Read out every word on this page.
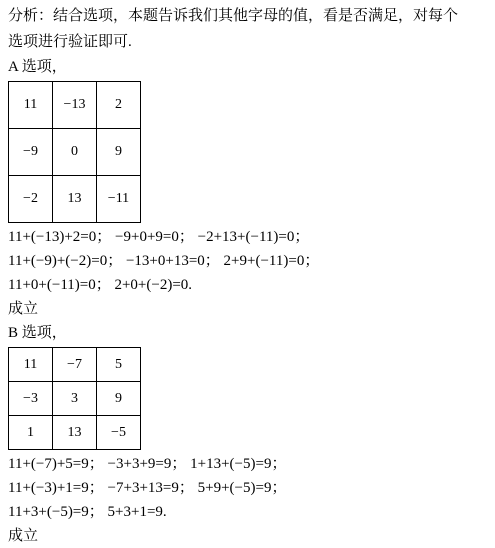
分析：结合选项，本题告诉我们其他字母的值，看是否满足，对每个
选项进行验证即可.
A 选项，
11	−13	2
−9	0	9
−2	13	−11
11+(−13)+2=0； −9+0+9=0； −2+13+(−11)=0；
11+(−9)+(−2)=0； −13+0+13=0； 2+9+(−11)=0；
11+0+(−11)=0； 2+0+(−2)=0.
成立
B 选项，
11	−7	5
−3	3	9
1	13	−5
11+(−7)+5=9； −3+3+9=9； 1+13+(−5)=9；
11+(−3)+1=9； −7+3+13=9； 5+9+(−5)=9；
11+3+(−5)=9； 5+3+1=9.
成立
